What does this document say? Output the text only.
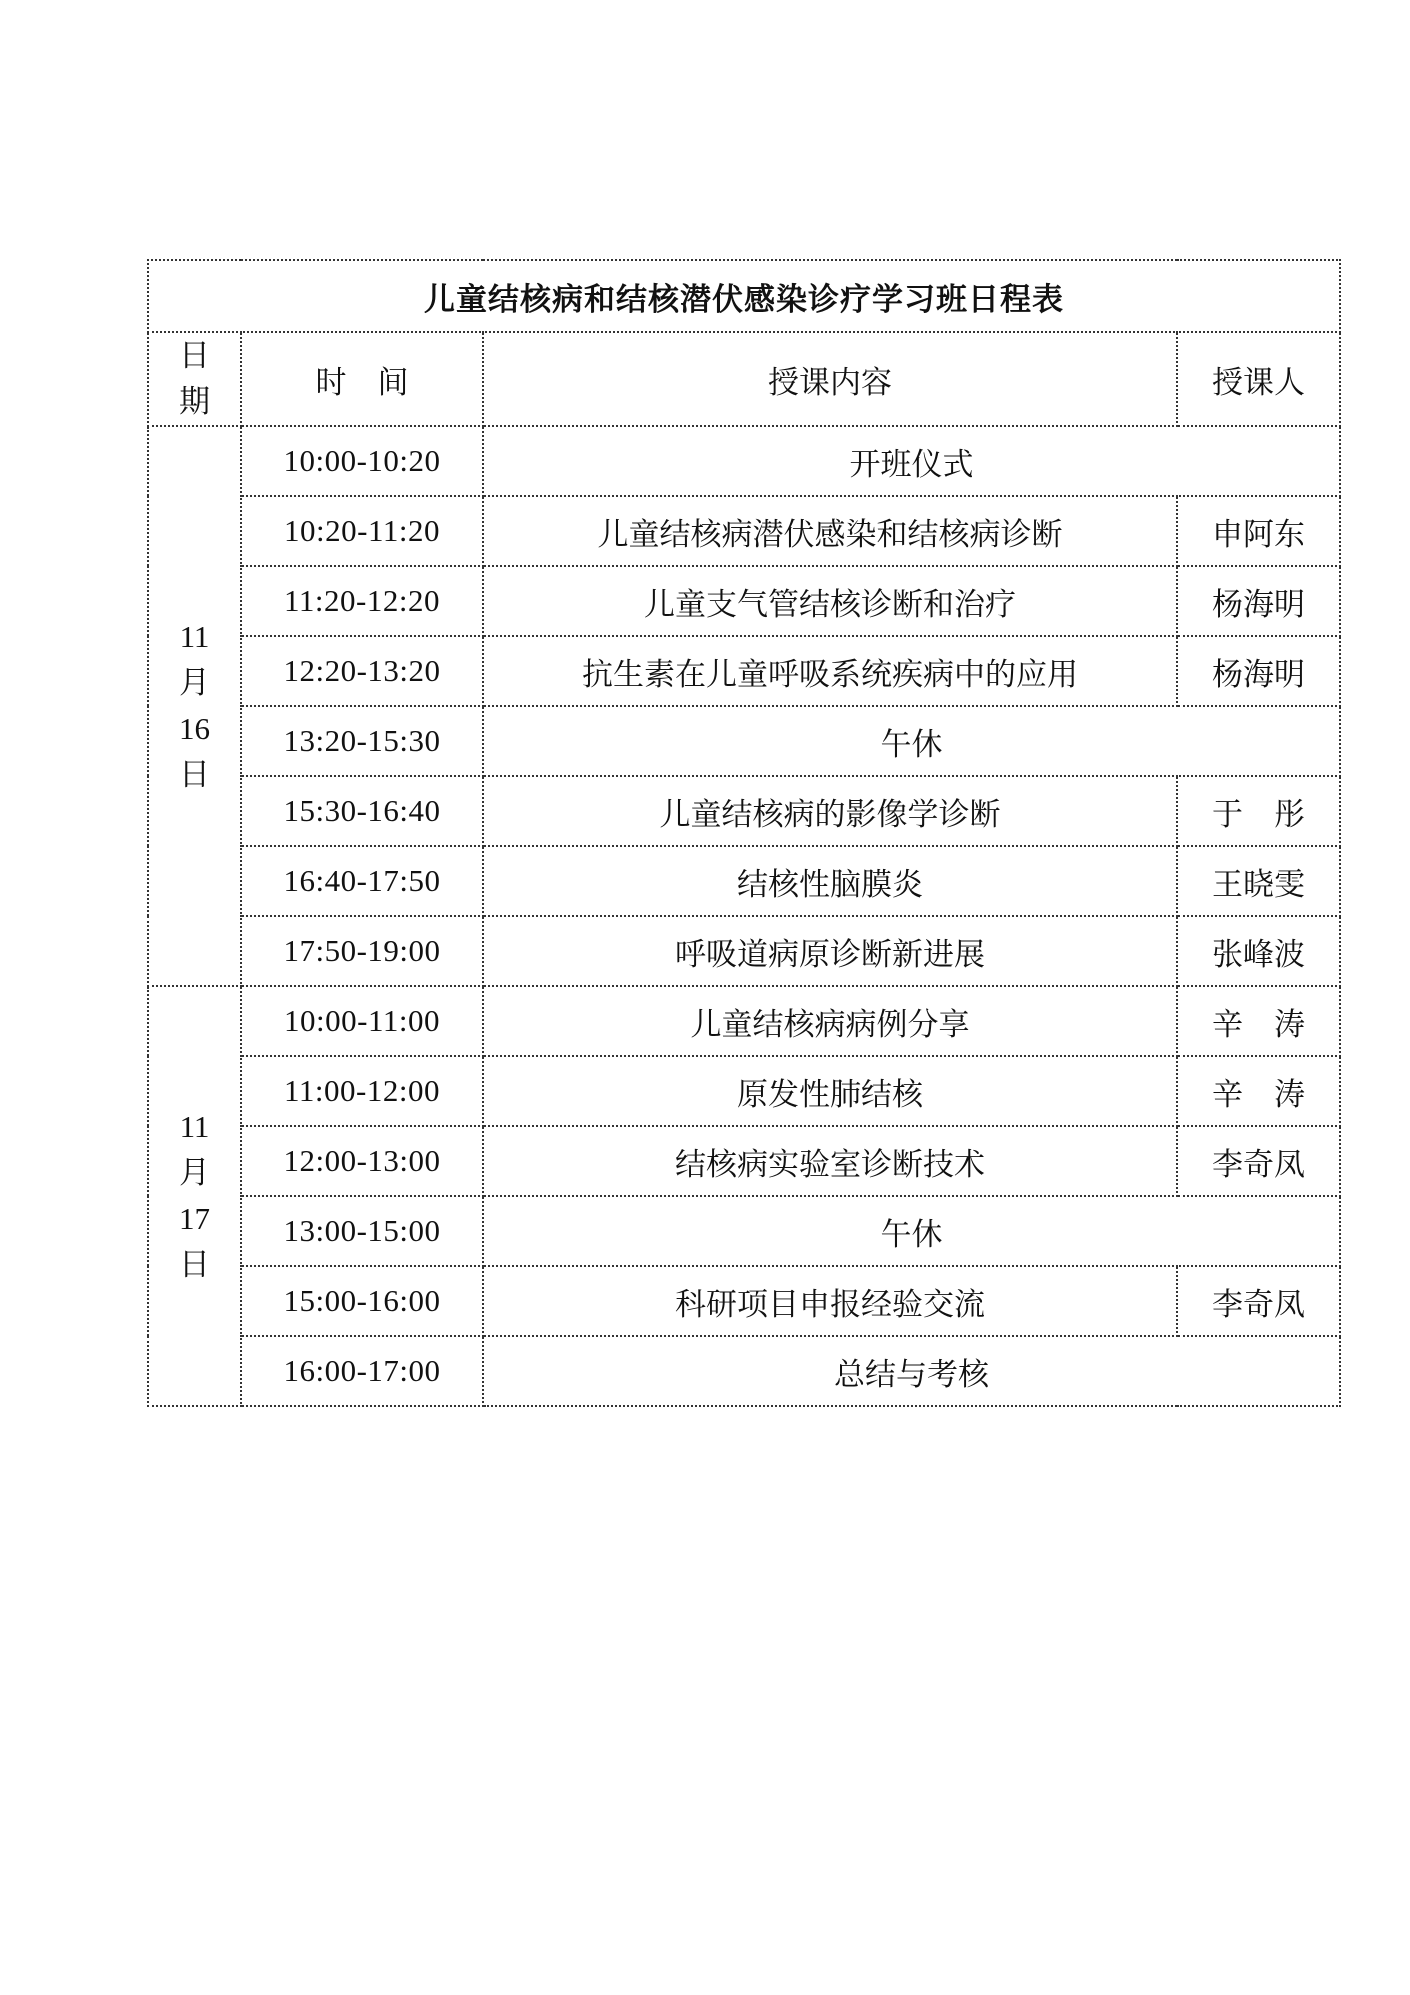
儿童结核病和结核潜伏感染诊疗学习班日程表			
日期	时　间	授课内容	授课人
11月16日	10:00-10:20	开班仪式	
	10:20-11:20	儿童结核病潜伏感染和结核病诊断	申阿东
	11:20-12:20	儿童支气管结核诊断和治疗	杨海明
	12:20-13:20	抗生素在儿童呼吸系统疾病中的应用	杨海明
	13:20-15:30	午休	
	15:30-16:40	儿童结核病的影像学诊断	于　彤
	16:40-17:50	结核性脑膜炎	王晓雯
	17:50-19:00	呼吸道病原诊断新进展	张峰波
11月17日	10:00-11:00	儿童结核病病例分享	辛　涛
	11:00-12:00	原发性肺结核	辛　涛
	12:00-13:00	结核病实验室诊断技术	李奇凤
	13:00-15:00	午休	
	15:00-16:00	科研项目申报经验交流	李奇凤
	16:00-17:00	总结与考核	
